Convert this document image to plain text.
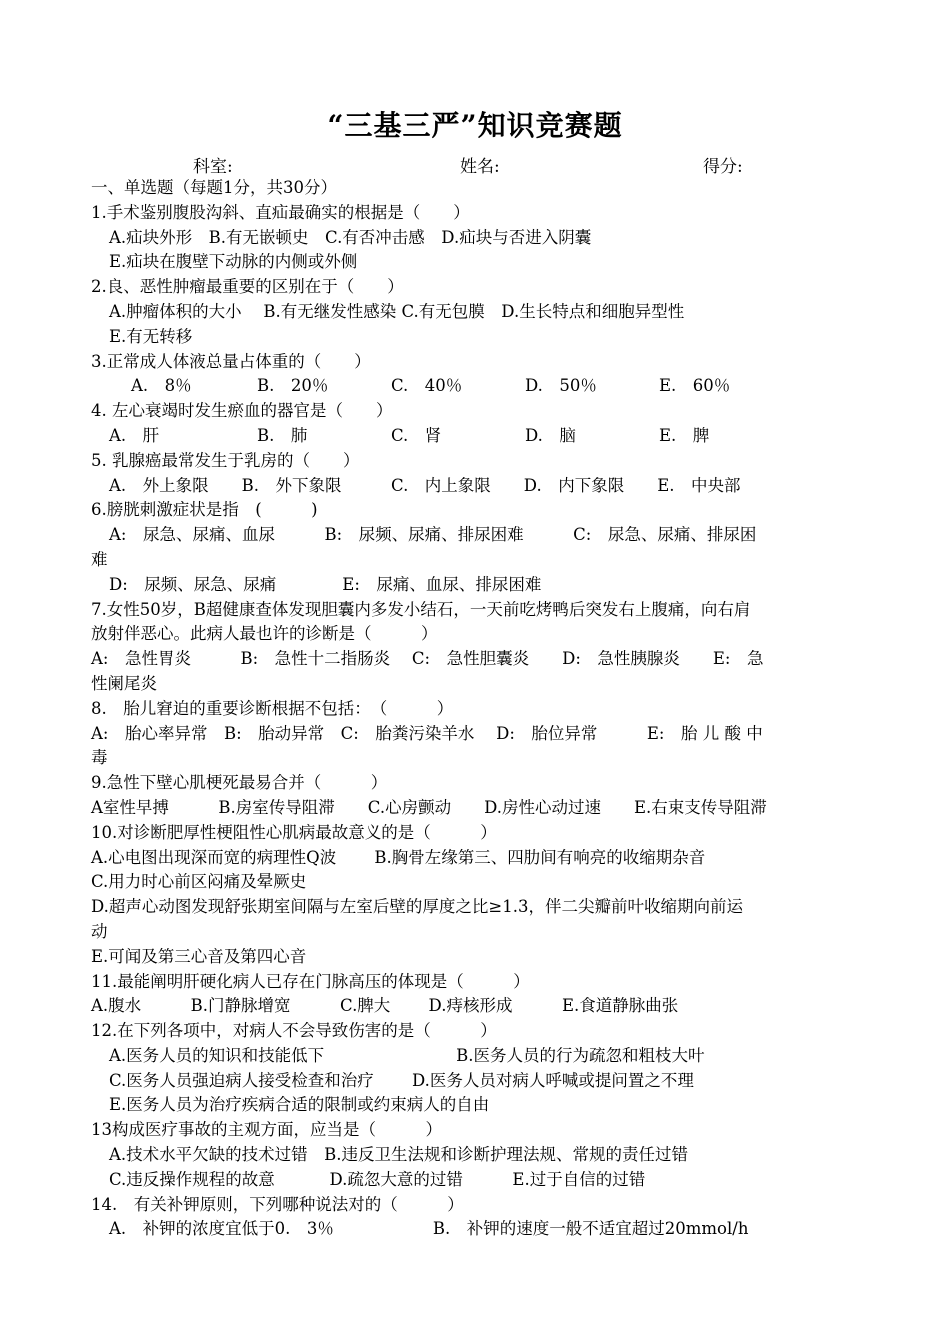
“三基三严”知识竞赛题
科室:	姓名:	得分:
一、单选题（每题1分，共30分）
1.手术鉴别腹股沟斜、直疝最确实的根据是（　　）
A.疝块外形　B.有无嵌顿史　C.有否冲击感　D.疝块与否进入阴囊
E.疝块在腹壁下动脉的内侧或外侧
2.良、恶性肿瘤最重要的区别在于（　　）
A.肿瘤体积的大小　 B.有无继发性感染 C.有无包膜　D.生长特点和细胞异型性
E.有无转移
3.正常成人体液总量占体重的（　　）
A.　8％	B.　20％	C.　40％	D.　50％	E.　60％
4. 左心衰竭时发生瘀血的器官是（　　）
A.　肝	B.　肺	C.　肾	D.　脑	E.　脾
5. 乳腺癌最常发生于乳房的（　　）
A.　外上象限　　B.　外下象限　　　C.　内上象限　　D.　内下象限　　E.　中央部
6.膀胱刺激症状是指　(　　　)
A:　尿急、尿痛、血尿　　　B:　尿频、尿痛、排尿困难　　　C:　尿急、尿痛、排尿困
难
D:　尿频、尿急、尿痛　　　　E:　尿痛、血尿、排尿困难
7.女性50岁，B超健康查体发现胆囊内多发小结石，一天前吃烤鸭后突发右上腹痛，向右肩
放射伴恶心。此病人最也许的诊断是（　　　）
A:　急性胃炎　　　B:　急性十二指肠炎　 C:　急性胆囊炎　　D:　急性胰腺炎　　E:　急
性阑尾炎
8.　胎儿窘迫的重要诊断根据不包括：　（　　　）
A:　胎心率异常　B:　胎动异常　C:　胎粪污染羊水　 D:　胎位异常　　　E:　胎 儿 酸 中
毒
9.急性下壁心肌梗死最易合并（　　　）
A室性早搏　　　B.房室传导阻滞　　C.心房颤动　　D.房性心动过速　　E.右束支传导阻滞
10.对诊断肥厚性梗阻性心肌病最故意义的是（　　　）
A.心电图出现深而宽的病理性Q波　　 B.胸骨左缘第三、四肋间有响亮的收缩期杂音
C.用力时心前区闷痛及晕厥史
D.超声心动图发现舒张期室间隔与左室后壁的厚度之比≥1.3，伴二尖瓣前叶收缩期向前运
动
E.可闻及第三心音及第四心音
11.最能阐明肝硬化病人已存在门脉高压的体现是（　　　）
A.腹水　　　B.门静脉增宽　　　C.脾大　　 D.痔核形成　　　E.食道静脉曲张
12.在下列各项中，对病人不会导致伤害的是（　　　）
A.医务人员的知识和技能低下　　　　　　　　B.医务人员的行为疏忽和粗枝大叶
C.医务人员强迫病人接受检查和治疗　　 D.医务人员对病人呼喊或提问置之不理
E.医务人员为治疗疾病合适的限制或约束病人的自由
13构成医疗事故的主观方面，应当是（　　　）
A.技术水平欠缺的技术过错　B.违反卫生法规和诊断护理法规、常规的责任过错
C.违反操作规程的故意　　　 D.疏忽大意的过错　　　E.过于自信的过错
14.　有关补钾原则，下列哪种说法对的（　　　）
A.　补钾的浓度宜低于0.　3％　　　　　　B.　补钾的速度一般不适宜超过20mmol/h
